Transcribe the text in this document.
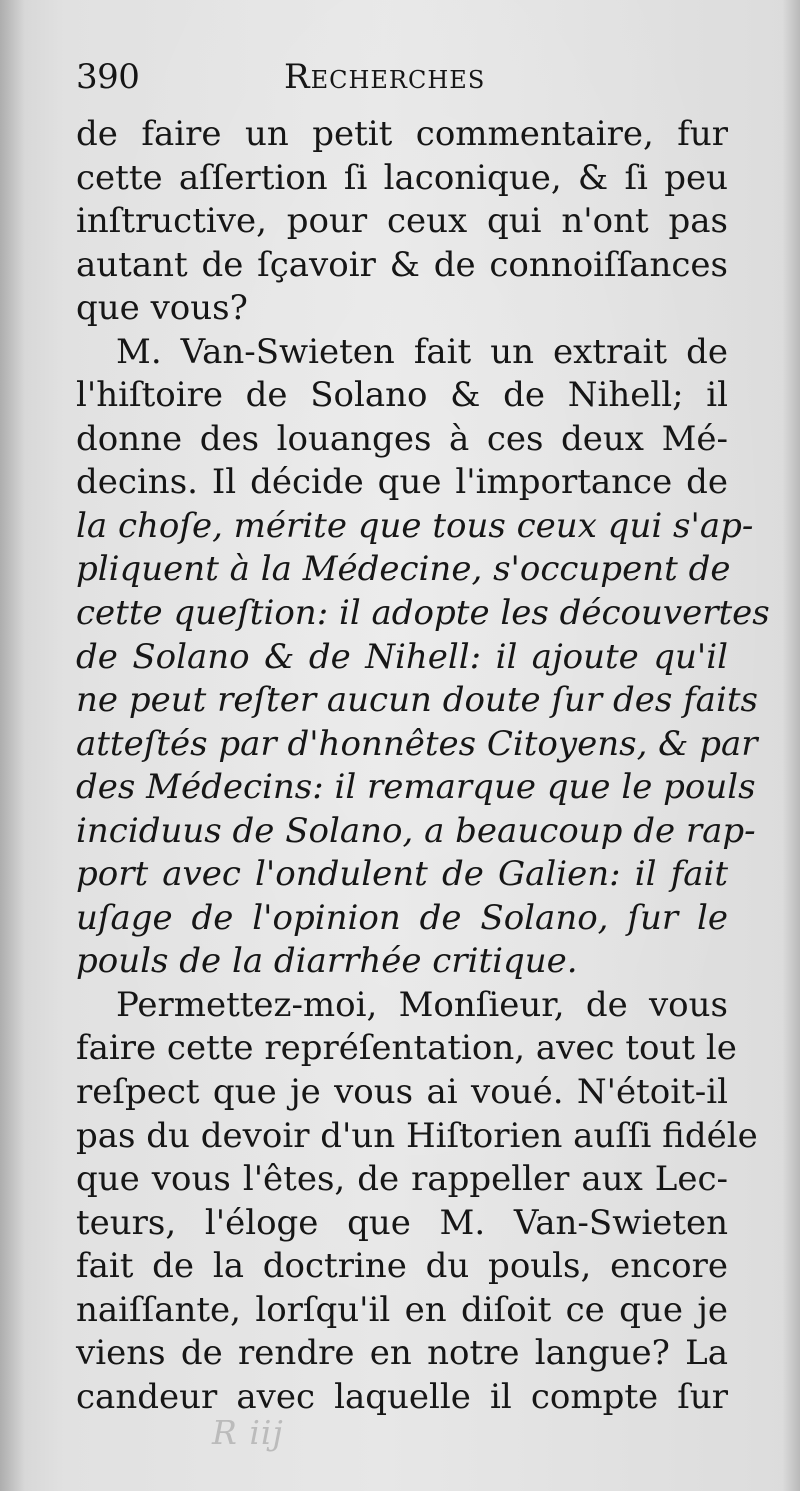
390	Recherches
de faire un petit commentaire, fur
cette aſſertion ſi laconique, & ſi peu
inſtructive, pour ceux qui n'ont pas
autant de ſçavoir & de connoiſſances
que vous?
M. Van-Swieten fait un extrait de
l'hiſtoire de Solano & de Nihell; il
donne des louanges à ces deux Mé-
decins. Il décide que l'importance de
la choſe, mérite que tous ceux qui s'ap-
pliquent à la Médecine, s'occupent de
cette queſtion: il adopte les découvertes
de Solano & de Nihell: il ajoute qu'il
ne peut reſter aucun doute ſur des faits
atteſtés par d'honnêtes Citoyens, & par
des Médecins: il remarque que le pouls
inciduus de Solano, a beaucoup de rap-
port avec l'ondulent de Galien: il fait
uſage de l'opinion de Solano, ſur le
pouls de la diarrhée critique.
Permettez-moi, Monſieur, de vous
faire cette repréſentation, avec tout le
reſpect que je vous ai voué. N'étoit-il
pas du devoir d'un Hiſtorien auſſi fidéle
que vous l'êtes, de rappeller aux Lec-
teurs, l'éloge que M. Van-Swieten
fait de la doctrine du pouls, encore
naiſſante, lorſqu'il en diſoit ce que je
viens de rendre en notre langue? La
candeur avec laquelle il compte ſur
R iij
